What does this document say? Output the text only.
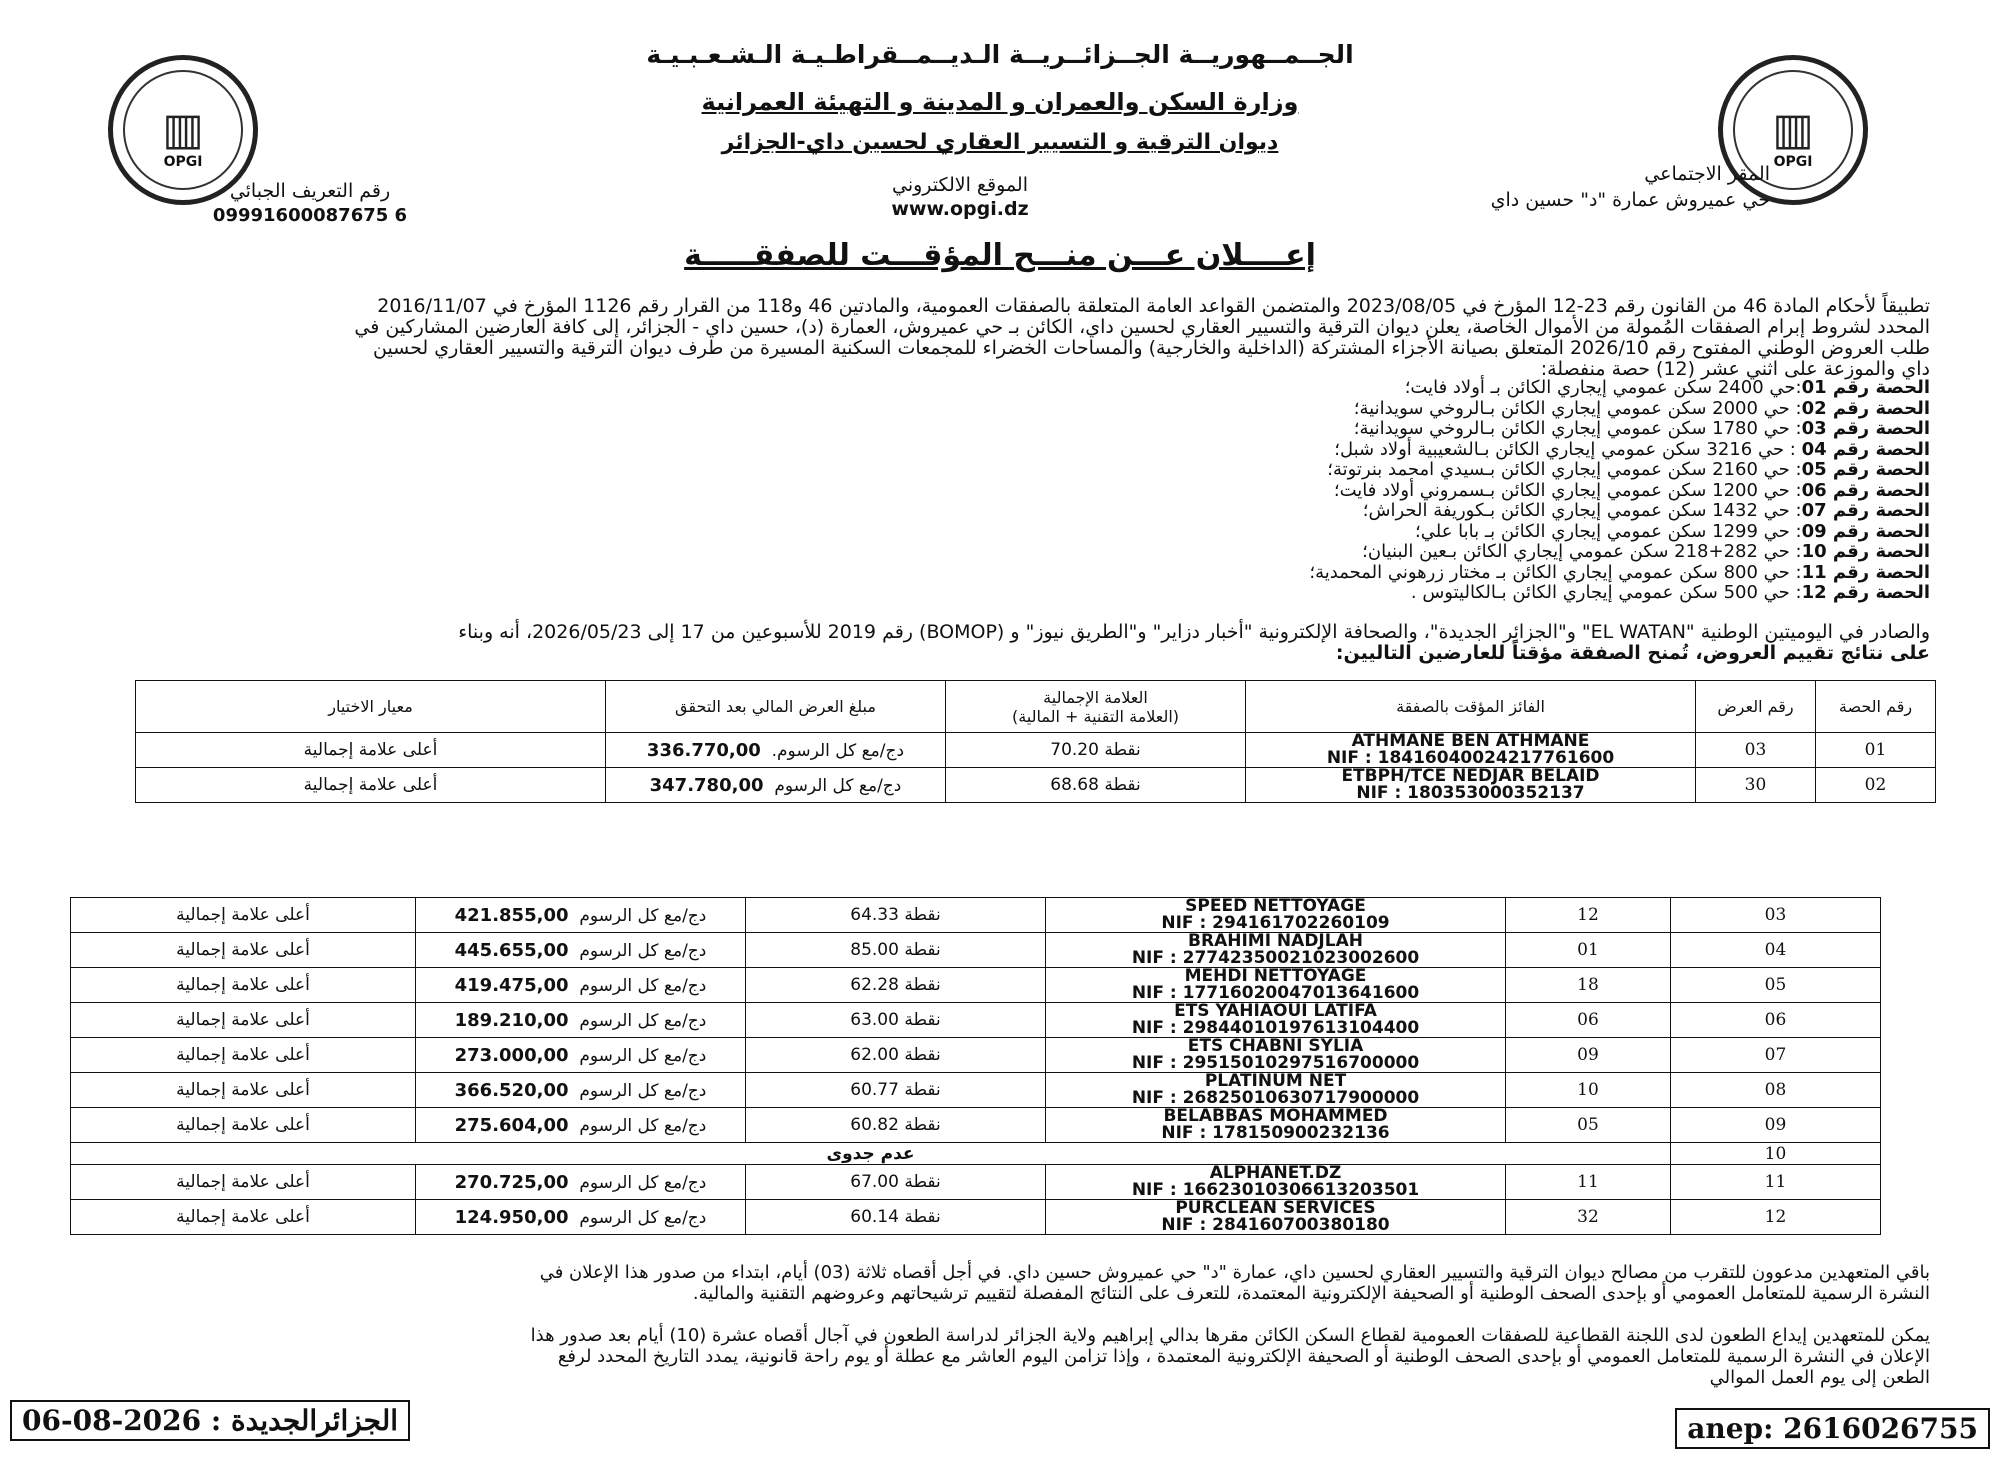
▥
OPGI
▥
OPGI
الجــمــهوريــة الجــزائــريــة الـديــمــقراطـيـة الـشـعـبـيـة
وزارة السكن والعمران و المدينة و التهيئة العمرانية
ديوان الترقية و التسيير العقاري لحسين داي-الجزائر
المقر الاجتماعي
حي عميروش عمارة "د" حسين داي
الموقع الالكتروني
www.opgi.dz
رقم التعريف الجبائي
09991600087675 6
إعــــلان عـــن منـــح المؤقـــت للصفقـــــة
تطبيقاً لأحكام المادة 46 من القانون رقم 23-12 المؤرخ في 2023/08/05 والمتضمن القواعد العامة المتعلقة بالصفقات العمومية، والمادتين 46 و118 من القرار رقم 1126 المؤرخ في 2016/11/07
المحدد لشروط إبرام الصفقات المُمولة من الأموال الخاصة، يعلن ديوان الترقية والتسيير العقاري لحسين داي، الكائن بـ حي عميروش، العمارة (د)، حسين داي - الجزائر، إلى كافة العارضين المشاركين في
طلب العروض الوطني المفتوح رقم 2026/10 المتعلق بصيانة الأجزاء المشتركة (الداخلية والخارجية) والمساحات الخضراء للمجمعات السكنية المسيرة من طرف ديوان الترقية والتسيير العقاري لحسين
داي والموزعة على اثني عشر (12) حصة منفصلة:
الحصة رقم 01:حي 2400 سكن عمومي إيجاري الكائن بـ أولاد فايت؛
الحصة رقم 02: حي 2000 سكن عمومي إيجاري الكائن بـالروخي سويدانية؛
الحصة رقم 03: حي 1780 سكن عمومي إيجاري الكائن بـالروخي سويدانية؛
الحصة رقم 04 : حي 3216 سكن عمومي إيجاري الكائن بـالشعيبية أولاد شبل؛
الحصة رقم 05: حي 2160 سكن عمومي إيجاري الكائن بـسيدي امحمد بنرتوتة؛
الحصة رقم 06: حي 1200 سكن عمومي إيجاري الكائن بـسمروني أولاد فايت؛
الحصة رقم 07: حي 1432 سكن عمومي إيجاري الكائن بـكوريفة الحراش؛
الحصة رقم 09: حي 1299 سكن عمومي إيجاري الكائن بـ بابا علي؛
الحصة رقم 10: حي 282+218 سكن عمومي إيجاري الكائن بـعين البنيان؛
الحصة رقم 11: حي 800 سكن عمومي إيجاري الكائن بـ مختار زرهوني المحمدية؛
الحصة رقم 12: حي 500 سكن عمومي إيجاري الكائن بـالكاليتوس .
والصادر في اليوميتين الوطنية "EL WATAN" و"الجزائر الجديدة"، والصحافة الإلكترونية "أخبار دزاير" و"الطريق نيوز" و (BOMOP) رقم 2019 للأسبوعين من 17 إلى 2026/05/23، أنه وبناء
على نتائج تقييم العروض، تُمنح الصفقة مؤقتاً للعارضين التاليين:
رقم الحصة	رقم العرض	الفائز المؤقت بالصفقة	العلامة الإجمالية
(العلامة التقنية + المالية)	مبلغ العرض المالي بعد التحقق	معيار الاختيار
01	03	ATHMANE BEN ATHMANE
NIF : 18416040024217761600	نقطة 70.20	336.770,00 دج/مع كل الرسوم.	أعلى علامة إجمالية
02	30	ETBPH/TCE NEDJAR BELAID
NIF : 180353000352137	نقطة 68.68	347.780,00 دج/مع كل الرسوم	أعلى علامة إجمالية
03	12	SPEED NETTOYAGE
NIF : 294161702260109	نقطة 64.33	421.855,00 دج/مع كل الرسوم	أعلى علامة إجمالية
04	01	BRAHIMI NADJLAH
NIF : 27742350021023002600	نقطة 85.00	445.655,00 دج/مع كل الرسوم	أعلى علامة إجمالية
05	18	MEHDI NETTOYAGE
NIF : 17716020047013641600	نقطة 62.28	419.475,00 دج/مع كل الرسوم	أعلى علامة إجمالية
06	06	ETS YAHIAOUI LATIFA
NIF : 29844010197613104400	نقطة 63.00	189.210,00 دج/مع كل الرسوم	أعلى علامة إجمالية
07	09	ETS CHABNI SYLIA
NIF : 29515010297516700000	نقطة 62.00	273.000,00 دج/مع كل الرسوم	أعلى علامة إجمالية
08	10	PLATINUM NET
NIF : 26825010630717900000	نقطة 60.77	366.520,00 دج/مع كل الرسوم	أعلى علامة إجمالية
09	05	BELABBAS MOHAMMED
NIF : 178150900232136	نقطة 60.82	275.604,00 دج/مع كل الرسوم	أعلى علامة إجمالية
10	عدم جدوى				
11	11	ALPHANET.DZ
NIF : 16623010306613203501	نقطة 67.00	270.725,00 دج/مع كل الرسوم	أعلى علامة إجمالية
12	32	PURCLEAN SERVICES
NIF : 284160700380180	نقطة 60.14	124.950,00 دج/مع كل الرسوم	أعلى علامة إجمالية
باقي المتعهدين مدعوون للتقرب من مصالح ديوان الترقية والتسيير العقاري لحسين داي، عمارة "د" حي عميروش حسين داي. في أجل أقصاه ثلاثة (03) أيام، ابتداء من صدور هذا الإعلان في
النشرة الرسمية للمتعامل العمومي أو بإحدى الصحف الوطنية أو الصحيفة الإلكترونية المعتمدة، للتعرف على النتائج المفصلة لتقييم ترشيحاتهم وعروضهم التقنية والمالية.
يمكن للمتعهدين إيداع الطعون لدى اللجنة القطاعية للصفقات العمومية لقطاع السكن الكائن مقرها بدالي إبراهيم ولاية الجزائر لدراسة الطعون في آجال أقصاه عشرة (10) أيام بعد صدور هذا
الإعلان في النشرة الرسمية للمتعامل العمومي أو بإحدى الصحف الوطنية أو الصحيفة الإلكترونية المعتمدة ، وإذا تزامن اليوم العاشر مع عطلة أو يوم راحة قانونية، يمدد التاريخ المحدد لرفع
الطعن إلى يوم العمل الموالي
الجزائرالجديدة : 2026-08-06	anep: 2616026755
